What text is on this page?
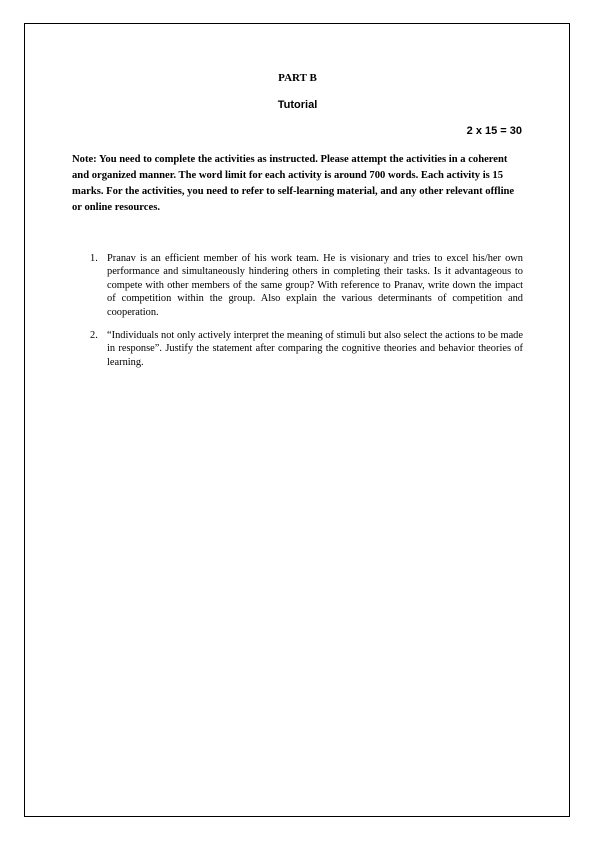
PART B
Tutorial
2 x 15 = 30
Note: You need to complete the activities as instructed. Please attempt the activities in a coherent and organized manner. The word limit for each activity is around 700 words. Each activity is 15 marks. For the activities, you need to refer to self-learning material, and any other relevant offline or online resources.
1. Pranav is an efficient member of his work team. He is visionary and tries to excel his/her own performance and simultaneously hindering others in completing their tasks. Is it advantageous to compete with other members of the same group? With reference to Pranav, write down the impact of competition within the group. Also explain the various determinants of competition and cooperation.
2. “Individuals not only actively interpret the meaning of stimuli but also select the actions to be made in response”. Justify the statement after comparing the cognitive theories and behavior theories of learning.
